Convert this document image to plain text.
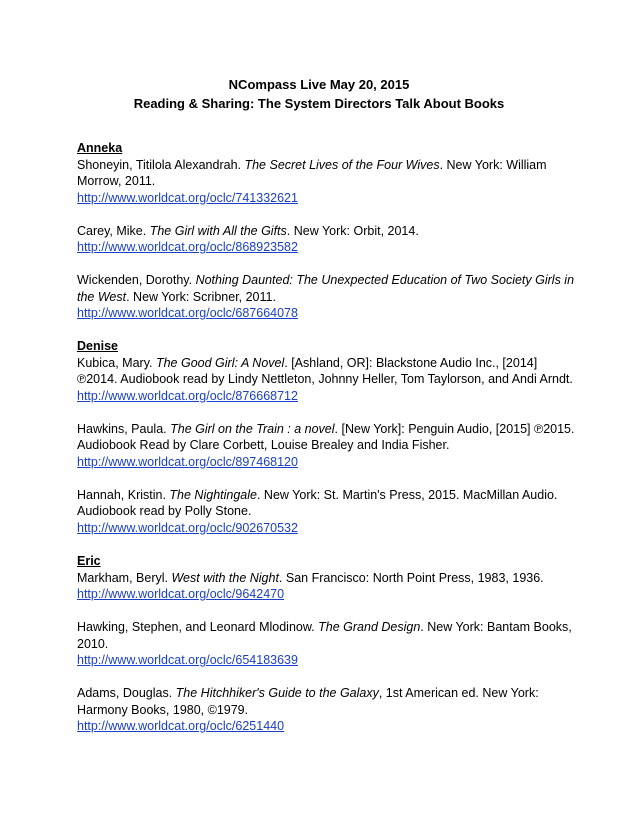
NCompass Live May 20, 2015
Reading & Sharing: The System Directors Talk About Books
Anneka
Shoneyin, Titilola Alexandrah. The Secret Lives of the Four Wives. New York: William Morrow, 2011.
http://www.worldcat.org/oclc/741332621
Carey, Mike. The Girl with All the Gifts. New York: Orbit, 2014.
http://www.worldcat.org/oclc/868923582
Wickenden, Dorothy. Nothing Daunted: The Unexpected Education of Two Society Girls in the West. New York: Scribner, 2011.
http://www.worldcat.org/oclc/687664078
Denise
Kubica, Mary. The Good Girl: A Novel. [Ashland, OR]: Blackstone Audio Inc., [2014] ℗2014. Audiobook read by Lindy Nettleton, Johnny Heller, Tom Taylorson, and Andi Arndt.
http://www.worldcat.org/oclc/876668712
Hawkins, Paula. The Girl on the Train : a novel. [New York]: Penguin Audio, [2015] ℗2015. Audiobook Read by Clare Corbett, Louise Brealey and India Fisher.
http://www.worldcat.org/oclc/897468120
Hannah, Kristin. The Nightingale. New York: St. Martin's Press, 2015. MacMillan Audio. Audiobook read by Polly Stone.
http://www.worldcat.org/oclc/902670532
Eric
Markham, Beryl. West with the Night. San Francisco: North Point Press, 1983, 1936.
http://www.worldcat.org/oclc/9642470
Hawking, Stephen, and Leonard Mlodinow. The Grand Design. New York: Bantam Books, 2010.
http://www.worldcat.org/oclc/654183639
Adams, Douglas. The Hitchhiker's Guide to the Galaxy, 1st American ed. New York: Harmony Books, 1980, ©1979.
http://www.worldcat.org/oclc/6251440
